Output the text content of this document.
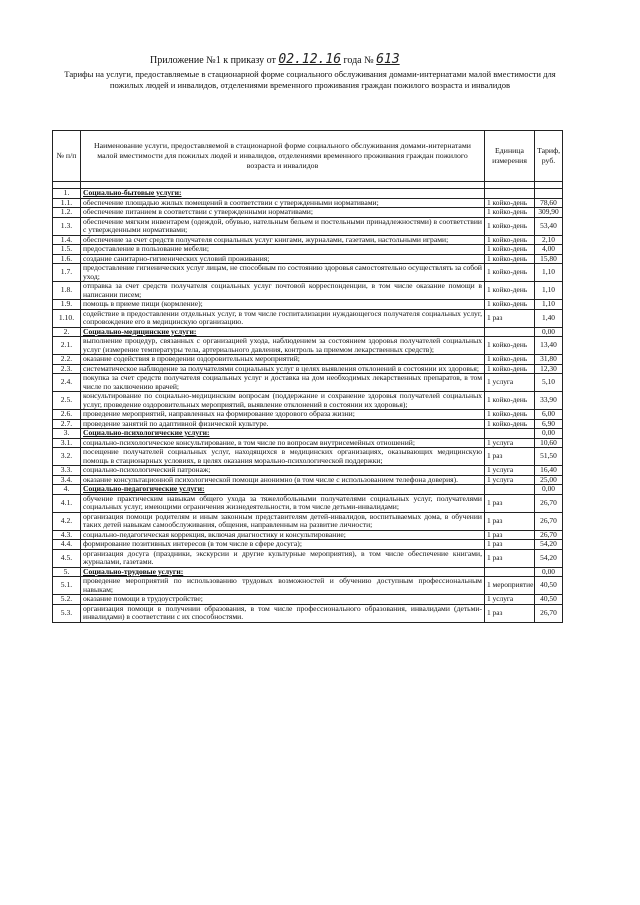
Приложение №1 к приказу от 02.12.16 года № 613
Тарифы на услуги, предоставляемые в стационарной форме социального обслуживания домами-интернатами малой вместимости для пожилых людей и инвалидов, отделениями временного проживания граждан пожилого возраста и инвалидов
№ п/п	Наименование услуги, предоставляемой в стационарной форме социального обслуживания домами-интернатами малой вместимости для пожилых людей и инвалидов, отделениями временного проживания граждан пожилого возраста и инвалидов	Единица измерения	Тариф, руб.

1.	Социально-бытовые услуги:		
1.1.	обеспечение площадью жилых помещений в соответствии с утвержденными нормативами;	1 койко-день	78,60
1.2.	обеспечение питанием в соответствии с утвержденными нормативами;	1 койко-день	309,90
1.3.	обеспечение мягким инвентарем (одеждой, обувью, нательным бельем и постельными принадлежностями) в соответствии с утвержденными нормативами;	1 койко-день	53,40
1.4.	обеспечение за счет средств получателя социальных услуг книгами, журналами, газетами, настольными играми;	1 койко-день	2,10
1.5.	предоставление в пользование мебели;	1 койко-день	4,00
1.6.	создание санитарно-гигиенических условий проживания;	1 койко-день	15,80
1.7.	предоставление гигиенических услуг лицам, не способным по состоянию здоровья самостоятельно осуществлять за собой уход;	1 койко-день	1,10
1.8.	отправка за счет средств получателя социальных услуг почтовой корреспонденции, в том числе оказание помощи в написании писем;	1 койко-день	1,10
1.9.	помощь в приеме пищи (кормление);	1 койко-день	1,10
1.10.	содействие в предоставлении отдельных услуг, в том числе госпитализации нуждающегося получателя социальных услуг, сопровождение его в медицинскую организацию.	1 раз	1,40
2.	Социально-медицинские услуги:		0,00
2.1.	выполнение процедур, связанных с организацией ухода, наблюдением за состоянием здоровья получателей социальных услуг (измерение температуры тела, артериального давления, контроль за приемом лекарственных средств);	1 койко-день	13,40
2.2.	оказание содействия в проведении оздоровительных мероприятий;	1 койко-день	31,80
2.3.	систематическое наблюдение за получателями социальных услуг в целях выявления отклонений в состоянии их здоровья;	1 койко-день	12,30
2.4.	покупка за счет средств получателя социальных услуг и доставка на дом необходимых лекарственных препаратов, в том числе по заключению врачей;	1 услуга	5,10
2.5.	консультирование по социально-медицинским вопросам (поддержание и сохранение здоровья получателей социальных услуг, проведение оздоровительных мероприятий, выявление отклонений в состоянии их здоровья);	1 койко-день	33,90
2.6.	проведение мероприятий, направленных на формирование здорового образа жизни;	1 койко-день	6,00
2.7.	проведение занятий по адаптивной физической культуре.	1 койко-день	6,90
3.	Социально-психологические услуги:		0,00
3.1.	социально-психологическое консультирование, в том числе по вопросам внутрисемейных отношений;	1 услуга	10,60
3.2.	посещение получателей социальных услуг, находящихся в медицинских организациях, оказывающих медицинскую помощь в стационарных условиях, в целях оказания морально-психологической поддержки;	1 раз	51,50
3.3.	социально-психологический патронаж;	1 услуга	16,40
3.4.	оказание консультационной психологической помощи анонимно (в том числе с использованием телефона доверия).	1 услуга	25,00
4.	Социально-педагогические услуги:		0,00
4.1.	обучение практическим навыкам общего ухода за тяжелобольными получателями социальных услуг, получателями социальных услуг, имеющими ограничения жизнедеятельности, в том числе детьми-инвалидами;	1 раз	26,70
4.2.	организация помощи родителям и иным законным представителям детей-инвалидов, воспитываемых дома, в обучении таких детей навыкам самообслуживания, общения, направленным на развитие личности;	1 раз	26,70
4.3.	социально-педагогическая коррекция, включая диагностику и консультирование;	1 раз	26,70
4.4.	формирование позитивных интересов (в том числе в сфере досуга);	1 раз	54,20
4.5.	организация досуга (праздники, экскурсии и другие культурные мероприятия), в том числе обеспечение книгами, журналами, газетами.	1 раз	54,20
5.	Социально-трудовые услуги:		0,00
5.1.	проведение мероприятий по использованию трудовых возможностей и обучению доступным профессиональным навыкам;	1 мероприятие	40,50
5.2.	оказание помощи в трудоустройстве;	1 услуга	40,50
5.3.	организация помощи в получении образования, в том числе профессионального образования, инвалидами (детьми-инвалидами) в соответствии с их способностями.	1 раз	26,70
